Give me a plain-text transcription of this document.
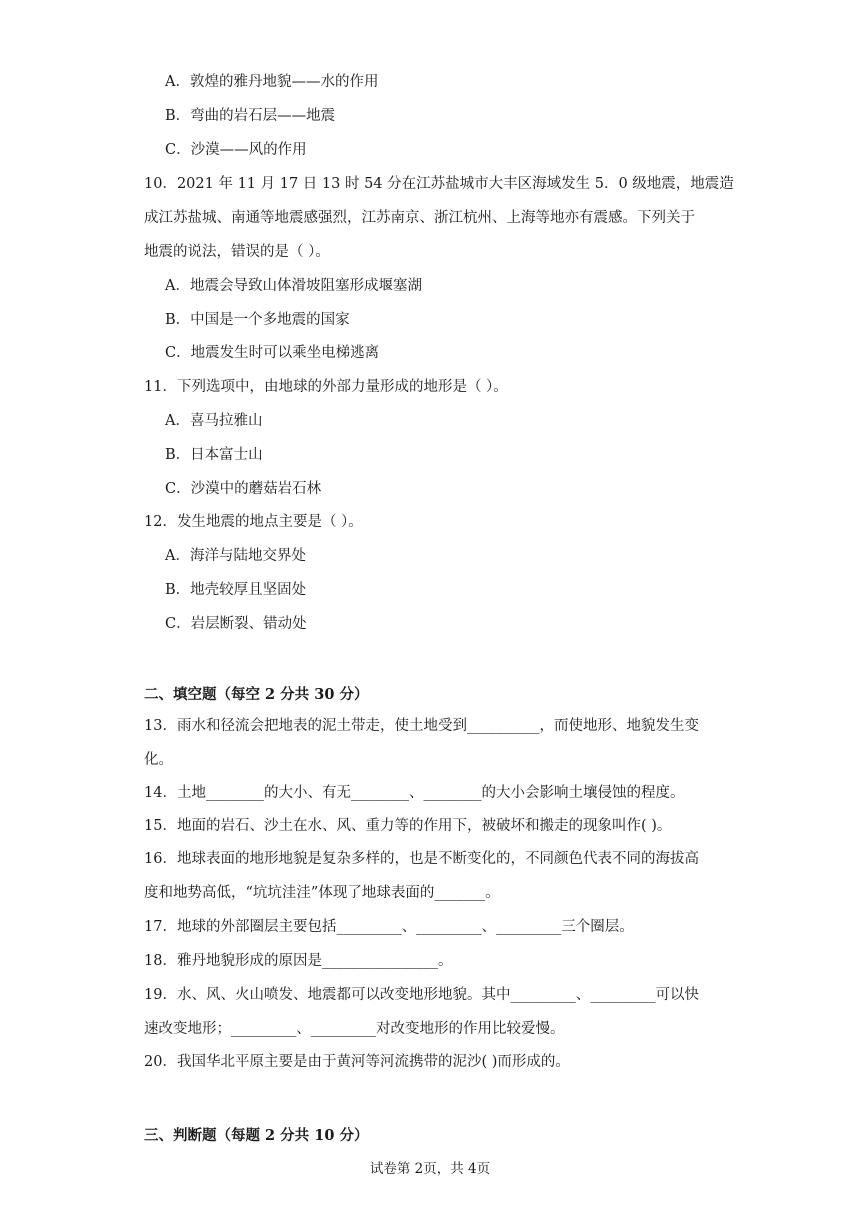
A．敦煌的雅丹地貌——水的作用
B．弯曲的岩石层——地震
C．沙漠——风的作用
10．2021 年 11 月 17 日 13 时 54 分在江苏盐城市大丰区海域发生 5．0 级地震，地震造
成江苏盐城、南通等地震感强烈，江苏南京、浙江杭州、上海等地亦有震感。下列关于
地震的说法，错误的是（ ）。
A．地震会导致山体滑坡阻塞形成堰塞湖
B．中国是一个多地震的国家
C．地震发生时可以乘坐电梯逃离
11．下列选项中，由地球的外部力量形成的地形是（ ）。
A．喜马拉雅山
B．日本富士山
C．沙漠中的蘑菇岩石林
12．发生地震的地点主要是（ ）。
A．海洋与陆地交界处
B．地壳较厚且坚固处
C．岩层断裂、错动处
二、填空题（每空 2 分共 30 分）
13．雨水和径流会把地表的泥土带走，使土地受到__________，而使地形、地貌发生变
化。
14．土地________的大小、有无________、________的大小会影响土壤侵蚀的程度。
15．地面的岩石、沙土在水、风、重力等的作用下，被破坏和搬走的现象叫作( )。
16．地球表面的地形地貌是复杂多样的，也是不断变化的，不同颜色代表不同的海拔高
度和地势高低，“坑坑洼洼”体现了地球表面的_______。
17．地球的外部圈层主要包括_________、_________、_________三个圈层。
18．雅丹地貌形成的原因是________________。
19．水、风、火山喷发、地震都可以改变地形地貌。其中_________、_________可以快
速改变地形；_________、_________对改变地形的作用比较爱慢。
20．我国华北平原主要是由于黄河等河流携带的泥沙( )而形成的。
三、判断题（每题 2 分共 10 分）
试卷第 2页，共 4页
